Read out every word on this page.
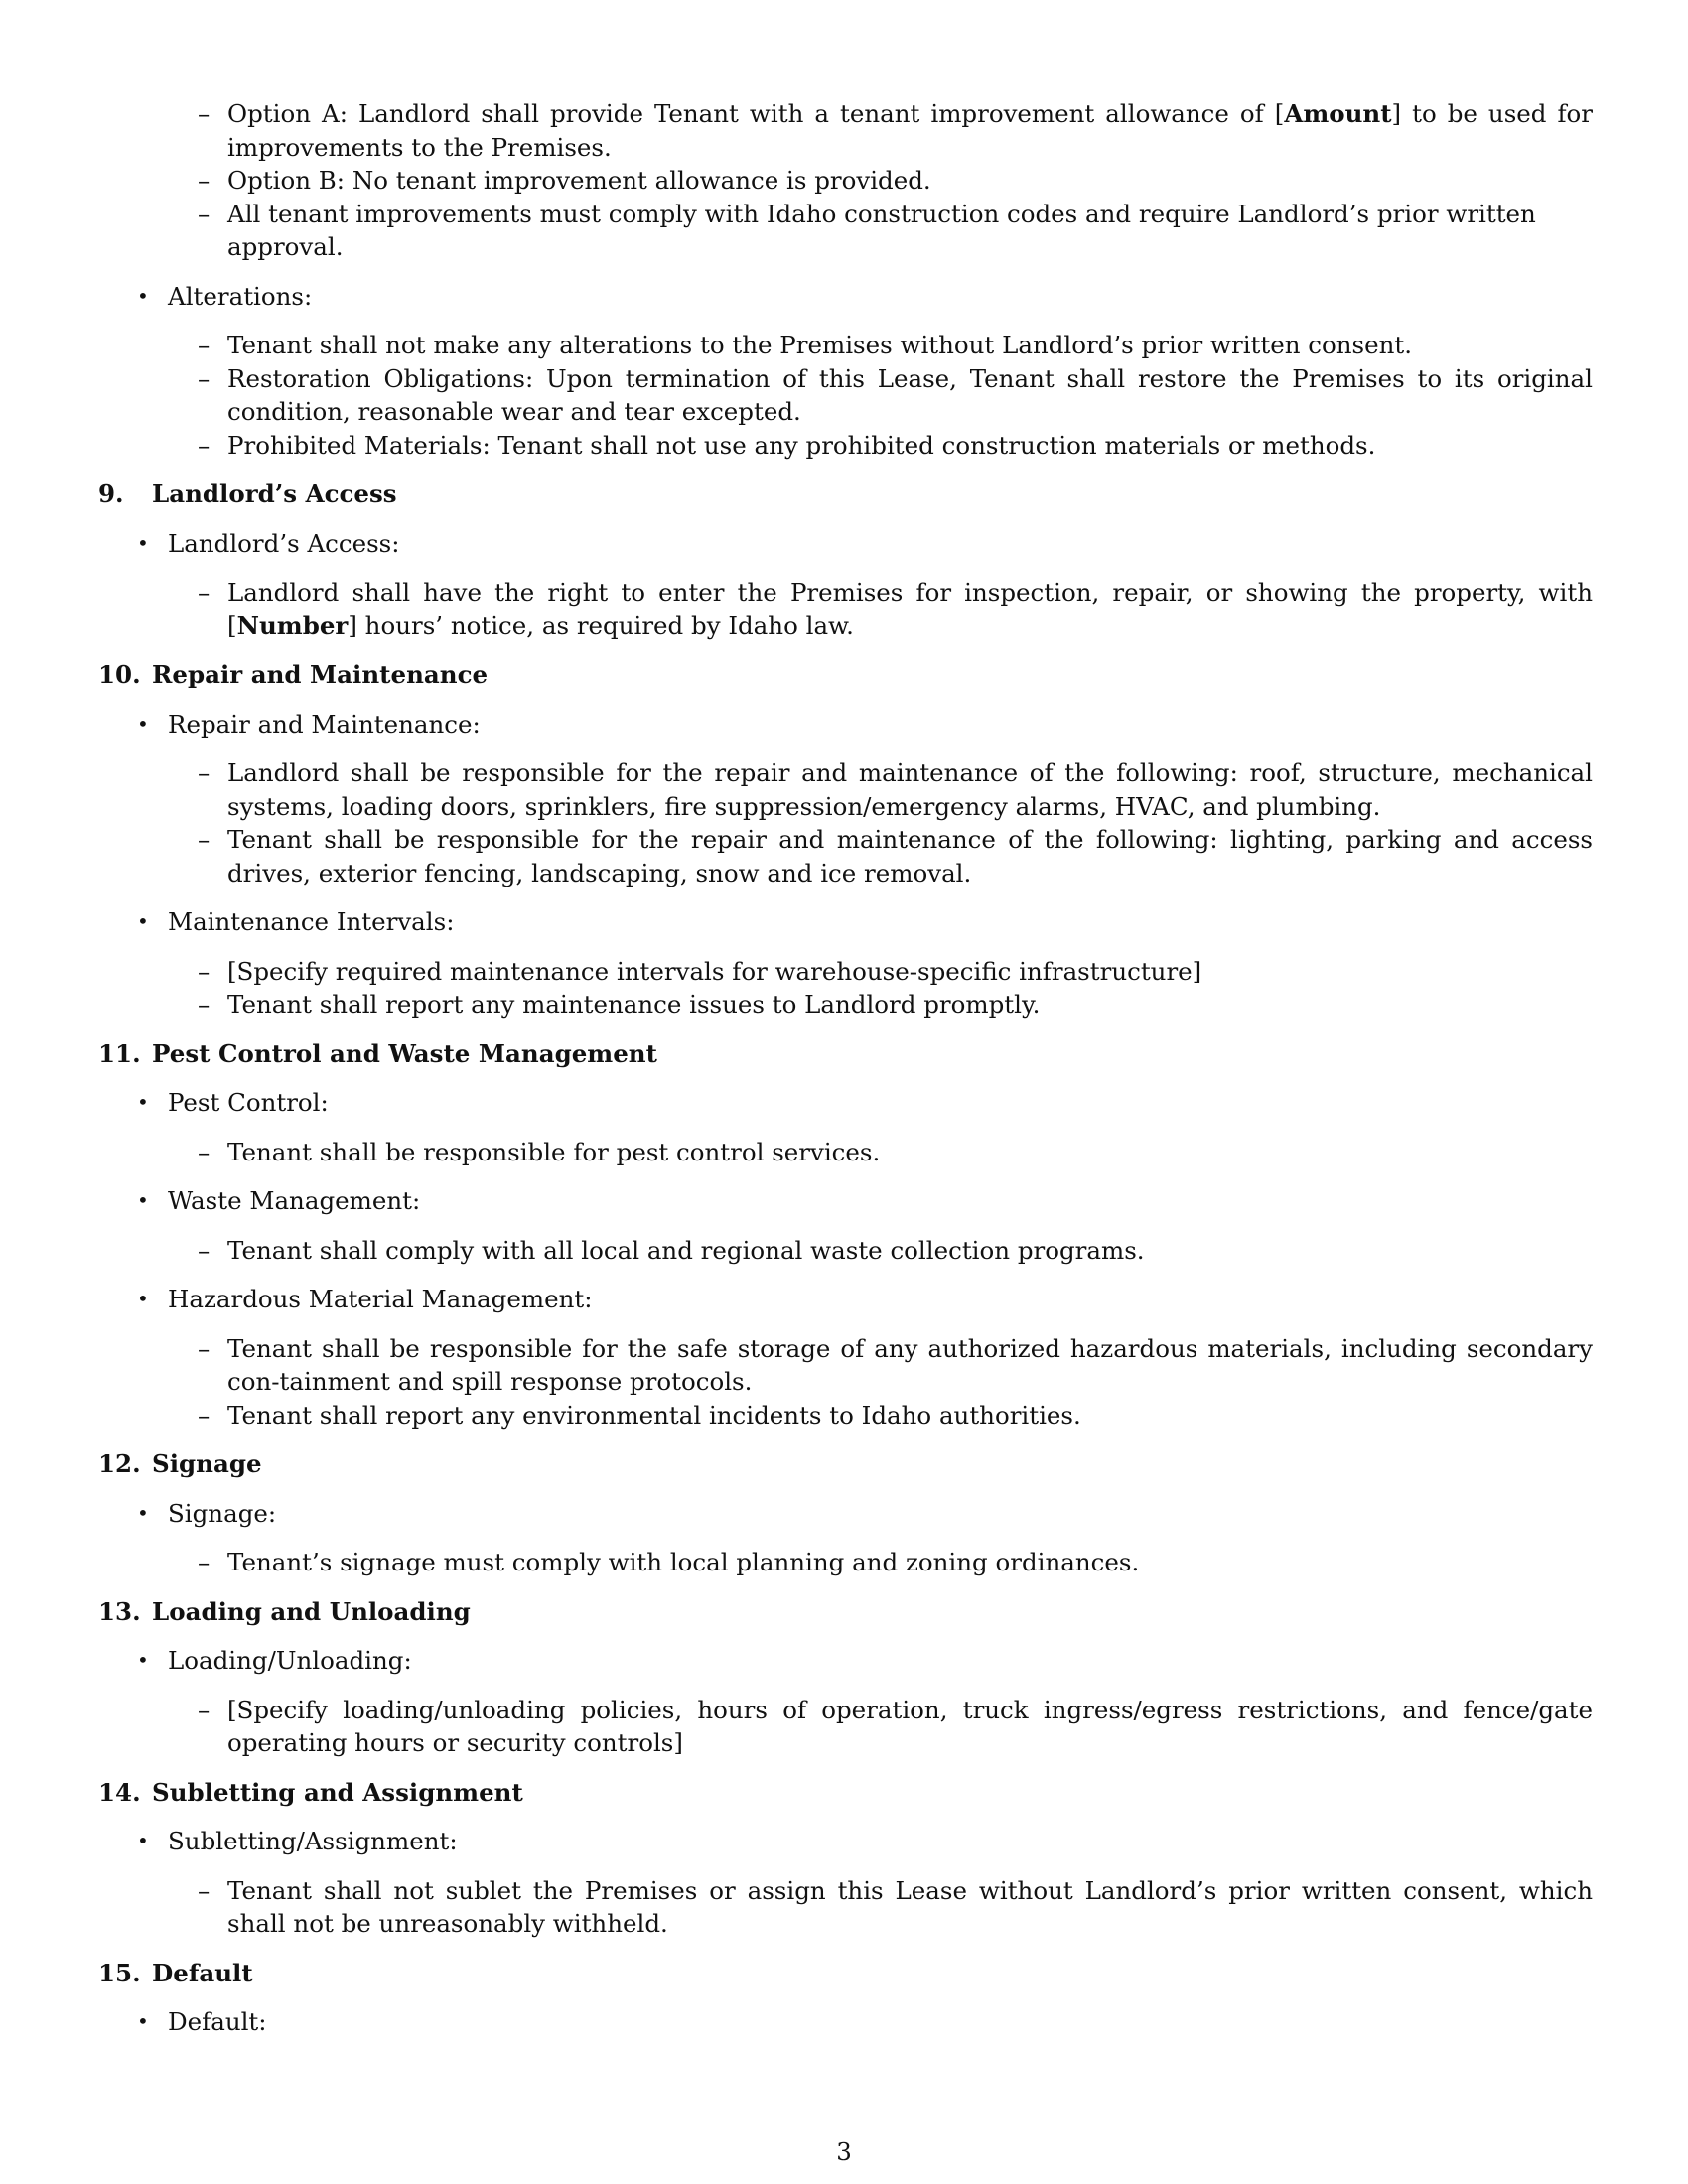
– Option A: Landlord shall provide Tenant with a tenant improvement allowance of [Amount] to be used for improvements to the Premises.
– Option B: No tenant improvement allowance is provided.
– All tenant improvements must comply with Idaho construction codes and require Landlord’s prior written approval.
• Alterations:
– Tenant shall not make any alterations to the Premises without Landlord’s prior written consent.
– Restoration Obligations: Upon termination of this Lease, Tenant shall restore the Premises to its original condition, reasonable wear and tear excepted.
– Prohibited Materials: Tenant shall not use any prohibited construction materials or methods.
9.	Landlord’s Access
• Landlord’s Access:
– Landlord shall have the right to enter the Premises for inspection, repair, or showing the property, with [Number] hours’ notice, as required by Idaho law.
10. Repair and Maintenance
• Repair and Maintenance:
– Landlord shall be responsible for the repair and maintenance of the following: roof, structure, mechanical systems, loading doors, sprinklers, fire suppression/emergency alarms, HVAC, and plumbing.
– Tenant shall be responsible for the repair and maintenance of the following: lighting, parking and access drives, exterior fencing, landscaping, snow and ice removal.
• Maintenance Intervals:
– [Specify required maintenance intervals for warehouse-specific infrastructure]
– Tenant shall report any maintenance issues to Landlord promptly.
11. Pest Control and Waste Management
• Pest Control:
– Tenant shall be responsible for pest control services.
• Waste Management:
– Tenant shall comply with all local and regional waste collection programs.
• Hazardous Material Management:
– Tenant shall be responsible for the safe storage of any authorized hazardous materials, including secondary con-tainment and spill response protocols.
– Tenant shall report any environmental incidents to Idaho authorities.
12. Signage
• Signage:
– Tenant’s signage must comply with local planning and zoning ordinances.
13. Loading and Unloading
• Loading/Unloading:
– [Specify loading/unloading policies, hours of operation, truck ingress/egress restrictions, and fence/gate operating hours or security controls]
14. Subletting and Assignment
• Subletting/Assignment:
– Tenant shall not sublet the Premises or assign this Lease without Landlord’s prior written consent, which shall not be unreasonably withheld.
15. Default
• Default:
3
